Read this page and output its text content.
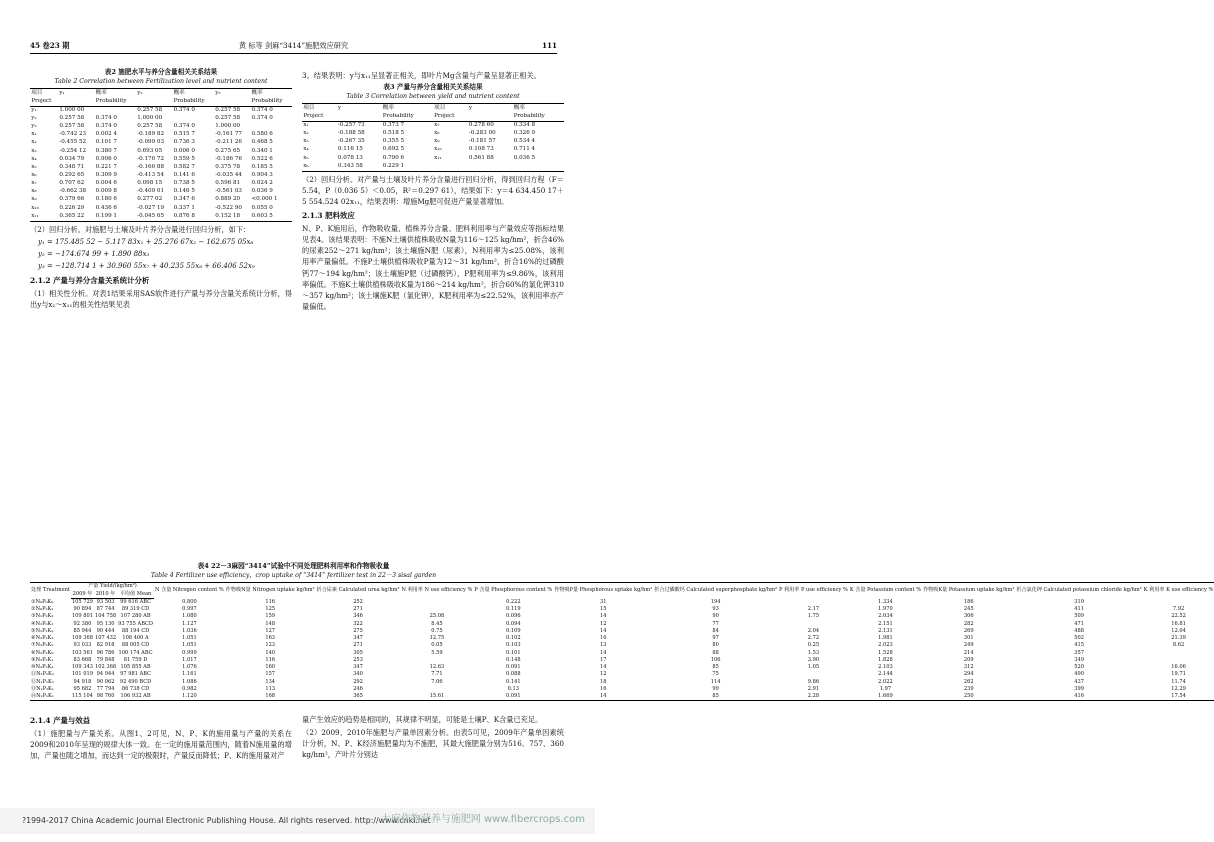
45 卷23 期	黄 标等 剑麻“3414”施肥效应研究	111

表2 施肥水平与养分含量相关关系结果

Table 2 Correlation between Fertilization level and nutrient content

项目	y₁	概率	y₂	概率	y₃	概率
Project		Probability		Probability		Probability
y₁	1.000 00		0.257 58	0.374 0	0.257 58	0.374 0
y₂	0.257 58	0.374 0	1.000 00		0.257 58	0.374 0
y₃	0.257 58	0.374 0	0.257 58	0.374 0	1.000 00	
x₁	-0.742 23	0.002 4	-0.189 82	0.515 7	-0.161 77	0.580 6
x₂	-0.455 52	0.101 7	-0.099 03	0.736 3	-0.211 26	0.468 5
x₃	-0.254 12	0.380 7	0.693 05	0.006 0	0.275 65	0.340 1
x₄	0.034 79	0.906 0	-0.170 72	0.559 5	-0.186 76	0.522 6
x₅	0.348 71	0.221 7	-0.160 88	0.582 7	0.375 78	0.185 5
x₆	0.292 65	0.309 9	-0.413 54	0.141 6	-0.035 44	0.904 3
x₇	0.707 62	0.004 6	0.098 15	0.738 5	0.596 81	0.024 2
x₈	-0.662 38	0.009 8	-0.409 01	0.146 5	-0.561 03	0.036 9
x₉	0.379 66	0.180 6	0.277 02	0.347 6	0.889 20	<0.000 1
x₁₀	0.226 29	0.436 6	-0.027 19	0.337 1	-0.522 90	0.055 0
x₁₁	0.365 22	0.199 1	-0.045 65	0.876 8	0.152 18	0.603 5

（2）回归分析。对施肥与土壤及叶片养分含量进行回归分析，如下：

y₁ = 175.485 52 − 5.117 83x₁ + 25.276 67x₂ − 162.675 05x₈

y₂ = −174.674 99 + 1.890 88x₃

y₃ = −128.714 1 + 30.960 55x₇ + 40.235 55x₈ + 66.406 52x₉

2.1.2 产量与养分含量关系统计分析

（1）相关性分析。对表1结果采用SAS软件进行产量与养分含量关系统计分析，得出y与x₁～x₁₁的相关性结果见表

3。结果表明：y与x₁₁呈显著正相关，即叶片Mg含量与产量呈显著正相关。

表3 产量与养分含量相关关系结果

Table 3 Correlation between yield and nutrient content

项目	y	概率	项目	y	概率
Project		Probability	Project		Probability
x₁	-0.257 73	0.373 7	x₇	0.278 60	0.334 8
x₂	-0.188 58	0.518 5	x₈	-0.283 00	0.326 9
x₃	-0.267 35	0.355 5	x₉	-0.181 57	0.534 4
x₄	0.116 15	0.692 5	x₁₀	0.108 73	0.711 4
x₅	0.078 13	0.790 6	x₁₁	0.561 88	0.036 5
x₆	0.343 58	0.229 1			

（2）回归分析。对产量与土壤及叶片养分含量进行回归分析，得到回归方程（F＝5.54，P（0.036 5）＜0.05，R²＝0.297 61），结果如下：y＝4 634.450 17＋5 554.524 02x₁₁，结果表明：增施Mg肥可促进产量显著增加。

2.1.3 肥料效应

N、P、K施用后，作物吸收量、植株养分含量、肥料利用率与产量效应等指标结果见表4。该结果表明：不施N土壤供植株吸收N量为116～125 kg/hm²，折合46%的尿素252～271 kg/hm²；该土壤施N肥（尿素），N利用率为≤25.08%，该利用率产量偏低。不施P土壤供植株吸收P量为12～31 kg/hm²，折合16%的过磷酸钙77～194 kg/hm²；该土壤施P肥（过磷酸钙），P肥利用率为≤9.86%，该利用率偏低。不施K土壤供植株吸收K量为186～214 kg/hm²，折合60%的氯化钾310～357 kg/hm²；该土壤施K肥（氯化钾），K肥利用率为≤22.52%，该利用率亦产量偏低。

表4 22－3麻园“3414”试验中不同处理肥料利用率和作物吸收量

Table 4 Fertilizer use efficiency，crop uptake of “3414” fertilizer test in 22－3 sisal garden

处理 Treatment	产量 Yield/(kg/hm²)			N 含量 Nitrogen content %	作物吸N量 Nitrogen uptake kg/hm²	折合尿素 Calculated urea kg/hm²	N 利用率 N use efficiency %	P 含量 Phosphorous content %	作物吸P量 Phosphorous uptake kg/hm²	折合过磷酸钙 Calculated superphosphate kg/hm²	P 利用率 P use efficiency %	K 含量 Potassium content %	作物吸K量 Potassium uptake kg/hm²	折合氯化钾 Calculated potassium chloride kg/hm²	K 利用率 K use efficiency %
	2009 年	2010 年	平均值 Mean												
①N₀P₀K₀	105 729	93 503	99 616 ABC	0.800	116	252		0.222	31	194		1.334	186	310	
②N₀P₂K₂	90 894	87 744	89 319 CD	0.997	125	271		0.119	15	93	2.17	1.970	245	411	7.92
③N₁P₂K₂	109 801	104 758	107 280 AB	1.080	159	346	25.08	0.096	14	90	1.75	2.034	306	509	22.52
④N₂P₀K₂	92 380	95 130	93 755 ABCD	1.127	148	322	8.45	0.094	12	77		2.151	282	471	16.81
⑤N₂P₁K₂	85 944	90 444	88 194 CD	1.036	127	275	0.75	0.109	14	84	2.04	2.131	269	488	12.04
⑥N₂P₂K₂	109 368	107 432	108 400 A	1.051	163	347	12.75	0.102	16	97	2.72	1.981	301	502	21.39
⑦N₂P₃K₂	93 033	82 918	88 005 CD	1.051	123	271	0.05	0.103	13	80	0.25	2.023	249	415	8.62
⑧N₂P₂K₀	103 561	96 786	100 174 ABC	0.999	140	305	5.59	0.101	14	88	1.53	1.528	214	357	
⑨N₂P₂K₁	83 668	79 848	81 759 D	1.017	116	253		0.148	17	106	3.90	1.828	209	349	
⑩N₂P₂K₃	109 343	102 368	105 855 AB	1.076	160	347	12.63	0.091	14	85	1.05	2.103	312	520	16.06
⑪N₃P₂K₂	101 019	94 944	97 981 ABC	1.161	157	340	7.71	0.088	12	75		2.144	294	490	19.71
⑫N₁P₁K₂	94 918	90 062	92 490 BCD	1.086	134	292	7.06	0.141	18	114	9.86	2.022	262	437	11.74
⑬N₁P₂K₁	95 682	77 794	86 738 CD	0.982	113	246		0.13	16	99	2.91	1.97	239	399	12.29
⑭N₂P₁K₁	115 104	98 760	106 932 AB	1.120	168	365	15.61	0.091	14	85	2.28	1.669	250	416	17.54

2.1.4 产量与效益

（1）施肥量与产量关系。从图1、2可见，N、P、K的施用量与产量的关系在2009和2010年呈现的规律大体一致。在一定的施用量范围内，随着N施用量的增加，产量也随之增加，而达到一定的极限时，产量反而降低；P、K的施用量对产

量产生效应的趋势是相同的，其规律不明显，可能是土壤P、K含量已充足。

（2）2009、2010年施肥与产量单因素分析。由表5可见，2009年产量单因素统计分析，N、P、K经济施肥量均为不施肥，其最大施肥量分别为516、757、360 kg/hm²，产叶片分别达

?1994-2017 China Academic Journal Electronic Publishing House. All rights reserved. http://www.cnki.net
大麻作物营养与施肥网 www.fibercrops.com
